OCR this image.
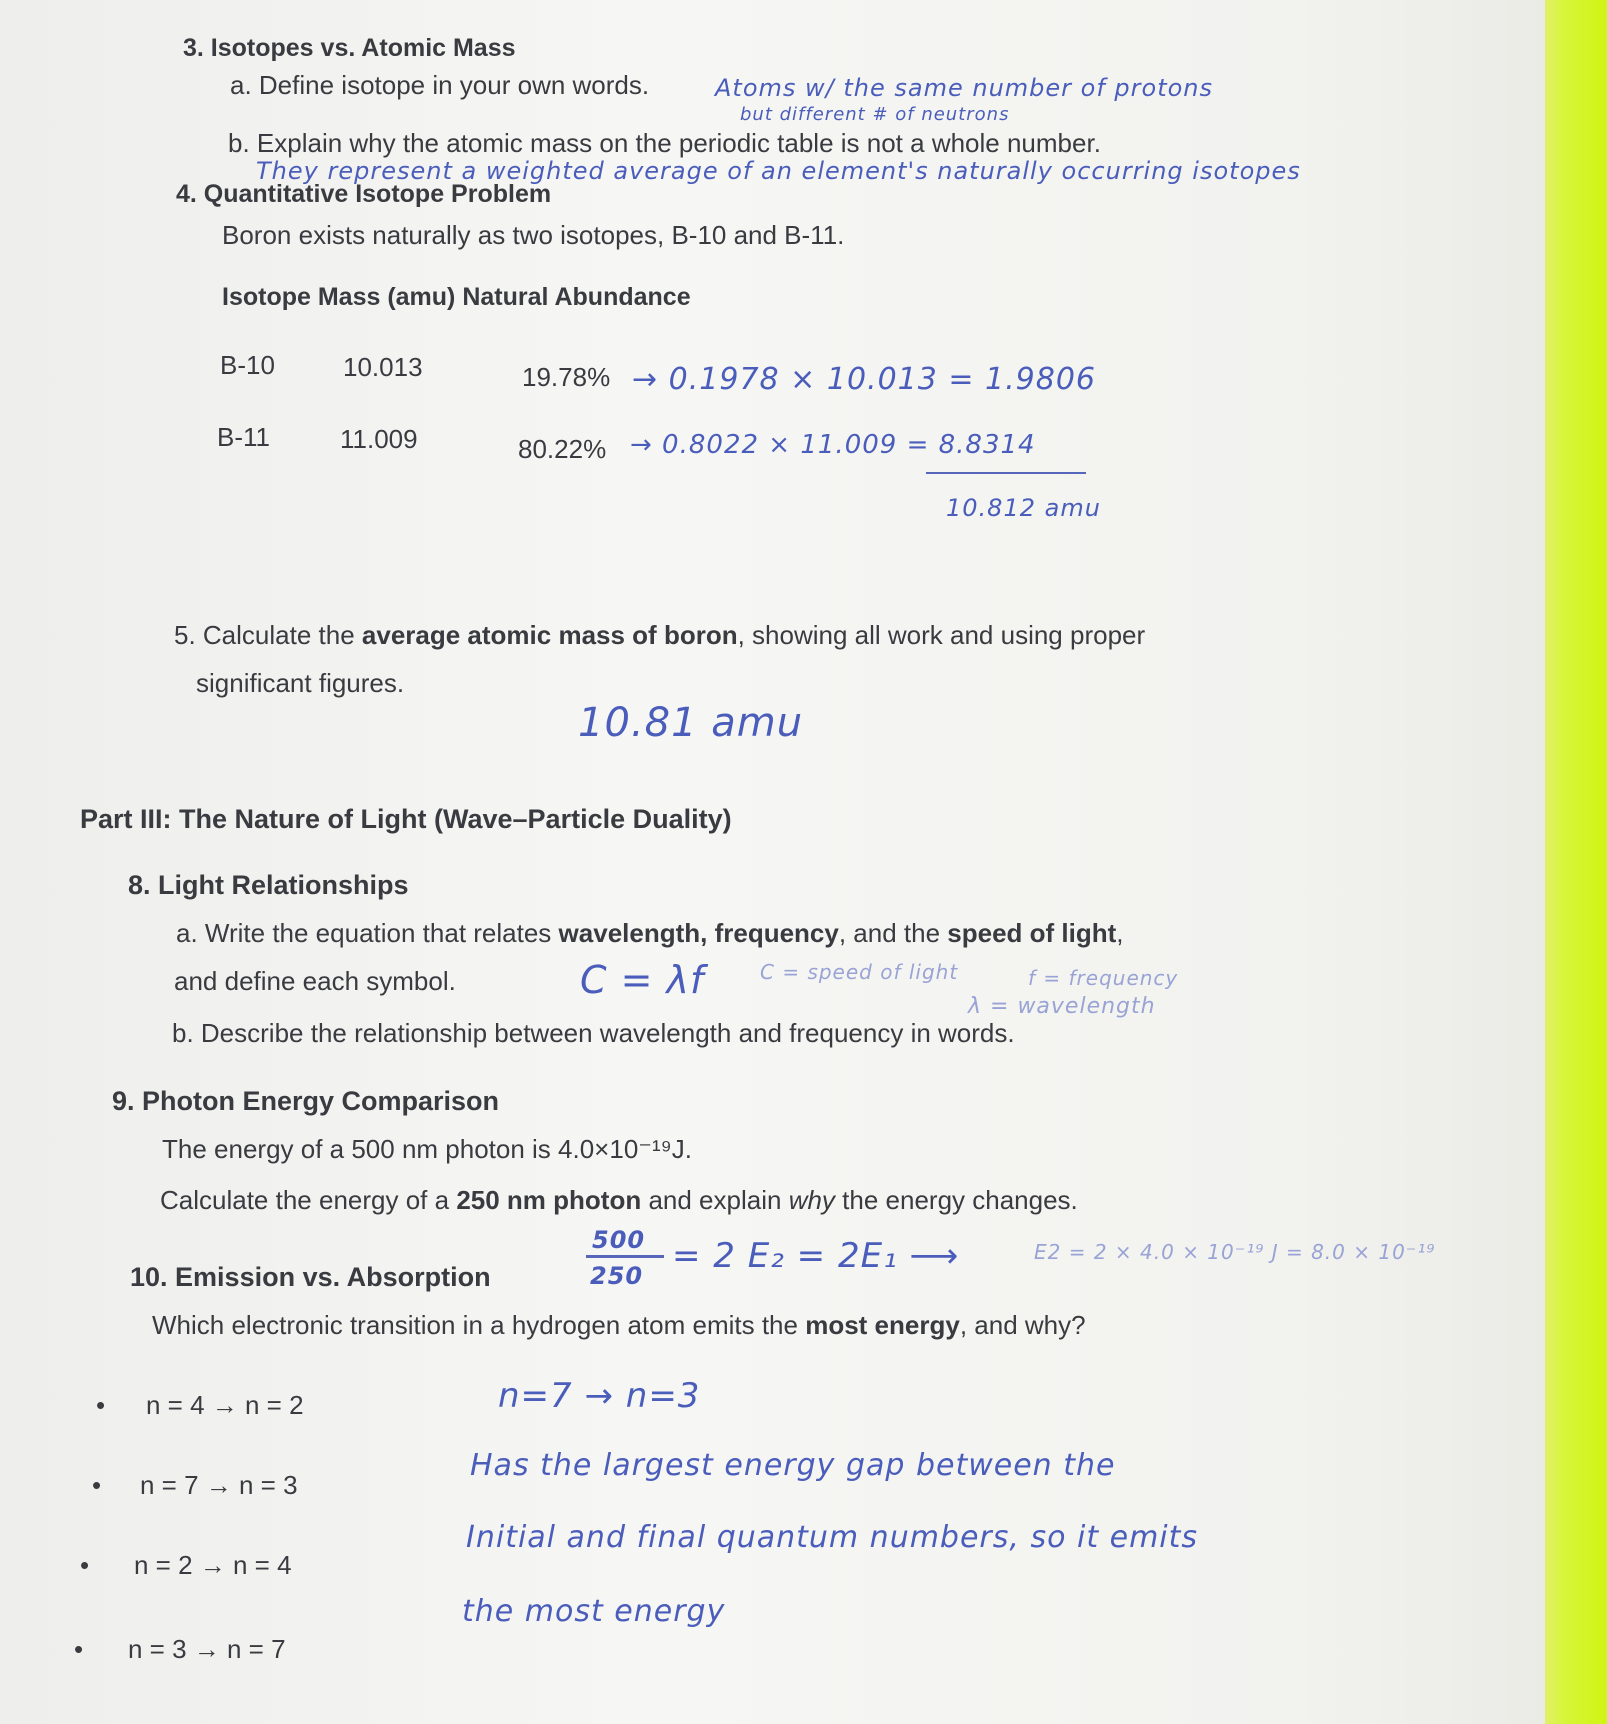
3. Isotopes vs. Atomic Mass
a. Define isotope in your own words.	Atoms w/ the same number of protons
but different # of neutrons
b. Explain why the atomic mass on the periodic table is not a whole number.
They represent a weighted average of an element's naturally occurring isotopes
4. Quantitative Isotope Problem
Boron exists naturally as two isotopes, B-10 and B-11.
Isotope Mass (amu) Natural Abundance
B-10	10.013	19.78% → 0.1978 × 10.013 = 1.9806
B-11	11.009	80.22% → 0.8022 × 11.009 = 8.8314
10.812 amu
5. Calculate the average atomic mass of boron, showing all work and using proper
significant figures.
10.81 amu
Part III: The Nature of Light (Wave–Particle Duality)
8. Light Relationships
a. Write the equation that relates wavelength, frequency, and the speed of light,
and define each symbol.	C = λf	C = speed of light	f = frequency
λ = wavelength
b. Describe the relationship between wavelength and frequency in words.
9. Photon Energy Comparison
The energy of a 500 nm photon is 4.0×10⁻¹⁹J.
Calculate the energy of a 250 nm photon and explain why the energy changes.
500
250 = 2 E₂ = 2E₁ ⟶	E2 = 2 × 4.0 × 10⁻¹⁹ J = 8.0 × 10⁻¹⁹
10. Emission vs. Absorption
Which electronic transition in a hydrogen atom emits the most energy, and why?
• n = 4 → n = 2
• n = 7 → n = 3
• n = 2 → n = 4
• n = 3 → n = 7
n=7 → n=3
Has the largest energy gap between the
Initial and final quantum numbers, so it emits
the most energy
